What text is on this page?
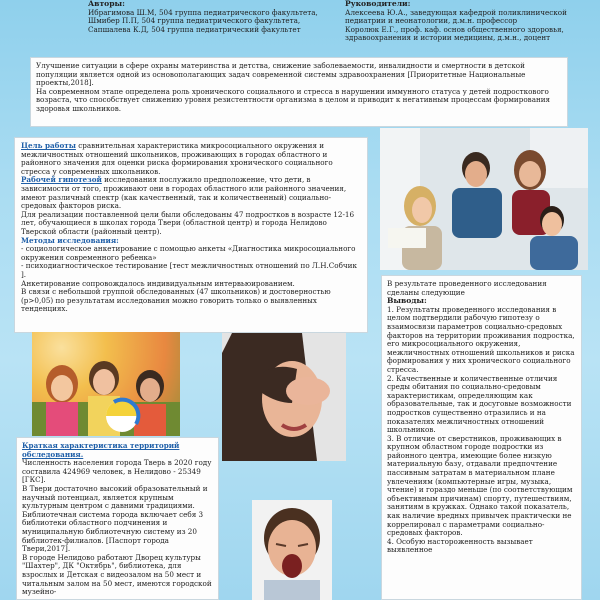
Авторы:

Ибрагимова Ш.М, 504 группа педиатрического факультета,

Шмибер П.П, 504 группа педиатрического факультета,

Сапшалева К.Д, 504 группа педиатрический факультет

Руководители:

Алексеева Ю.А., заведующая кафедрой поликлинической

педиатрии и неонатологии, д.м.н. профессор

Королюк Е.Г., проф. каф. основ общественного здоровья,

здравоохранения и истории медицины, д.м.н., доцент

Улучшение ситуации в сфере охраны материнства и детства, снижение заболеваемости, инвалидности и смертности в детской популяции является одной из основополагающих задач современной системы здравоохранения [Приоритетные Национальные проекты,2018].

На современном этапе определена роль хронического социального и стресса в нарушении иммунного статуса у детей подросткового возраста, что способствует снижению уровня резистентности организма в целом и приводит к негативным процессам формирования здоровья школьников.

Цель работы сравнительная характеристика микросоциального окружения и межличностных отношений школьников, проживающих в городах областного и районного значения для оценки риска формирования хронического социального стресса у современных школьников.

Рабочей гипотезой исследования послужило предположение, что дети, в зависимости от того, проживают они в городах областного или районного значения, имеют различный спектр (как качественный, так и количественный) социально-средовых факторов риска.

Для реализации поставленной цели были обследованы 47 подростков в возрасте 12-16 лет, обучающиеся в школах города Твери (областной центр) и города Нелидово Тверской области (районный центр).

Методы исследования:

- социологическое анкетирование с помощью анкеты «Диагностика микросоциального окружения современного ребенка»

- психодиагностическое тестирование [тест межличностных отношений по Л.Н.Собчик ].

Анкетирование сопровождалось индивидуальным интервьюированием.

В связи с небольшой группой обследованных (47 школьников) и достоверностью (p>0,05) по результатам исследования можно говорить только о выявленных тенденциях.

В результате проведенного исследования сделаны следующие

Выводы:

1. Результаты проведенного исследования в целом подтвердили рабочую гипотезу о взаимосвязи параметров социально-средовых факторов на территории проживания подростка, его микросоциального окружения, межличностных отношений школьников и риска формирования у них хронического социального стресса.

2. Качественные и количественные отличия среды обитания по социально-средовым характеристикам, определяющим как образовательные, так и досуговые возможности подростков существенно отразились и на показателях межличностных отношений школьников.

3. В отличие от сверстников, проживающих в крупном областном городе подростки из районного центра, имеющие более низкую материальную базу, отдавали предпочтение пассивным затратам в материальном плане увлечениям (компьютерные игры, музыка, чтение) и гораздо меньше (по соответствующим объективным причинам) спорту, путешествиям, занятиям в кружках. Однако такой показатель, как наличие вредных привычек практически не коррелировал с параметрами социально-средовых факторов.

4. Особую настороженность вызывает выявленное

Краткая характеристика территорий обследования.

Численность населения города Тверь в 2020 году составила 424969 человек, в Нелидово - 25349 [ГКС].

В Твери достаточно высокий образовательный и научный потенциал, является крупным культурным центром с давними традициями. Библиотечная система города включает себя 3 библиотеки областного подчинения и муниципальную библиотечную систему из 20 библиотек-филиалов. [Паспорт города Твери,2017].

В городе Нелидово работают Дворец культуры "Шахтер", ДК "Октябрь", библиотека, для взрослых и Детская с видеозалом на 50 мест и читальным залом на 50 мест, имеются городской музейно-
